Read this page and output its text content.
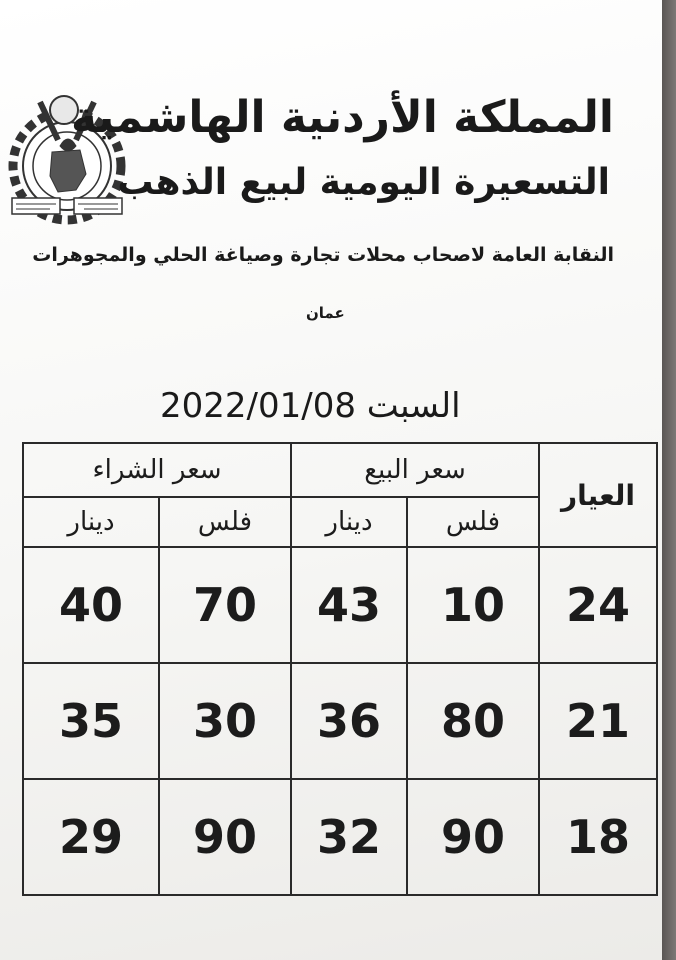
المملكة الأردنية الهاشمية
التسعيرة اليومية لبيع الذهب
النقابة العامة لاصحاب محلات تجارة وصياغة الحلي والمجوهرات
عمان
السبت 2022/01/08
العيار	سعر البيع		سعر الشراء	
	فلس	دينار	فلس	دينار
24	10	43	70	40
21	80	36	30	35
18	90	32	90	29
